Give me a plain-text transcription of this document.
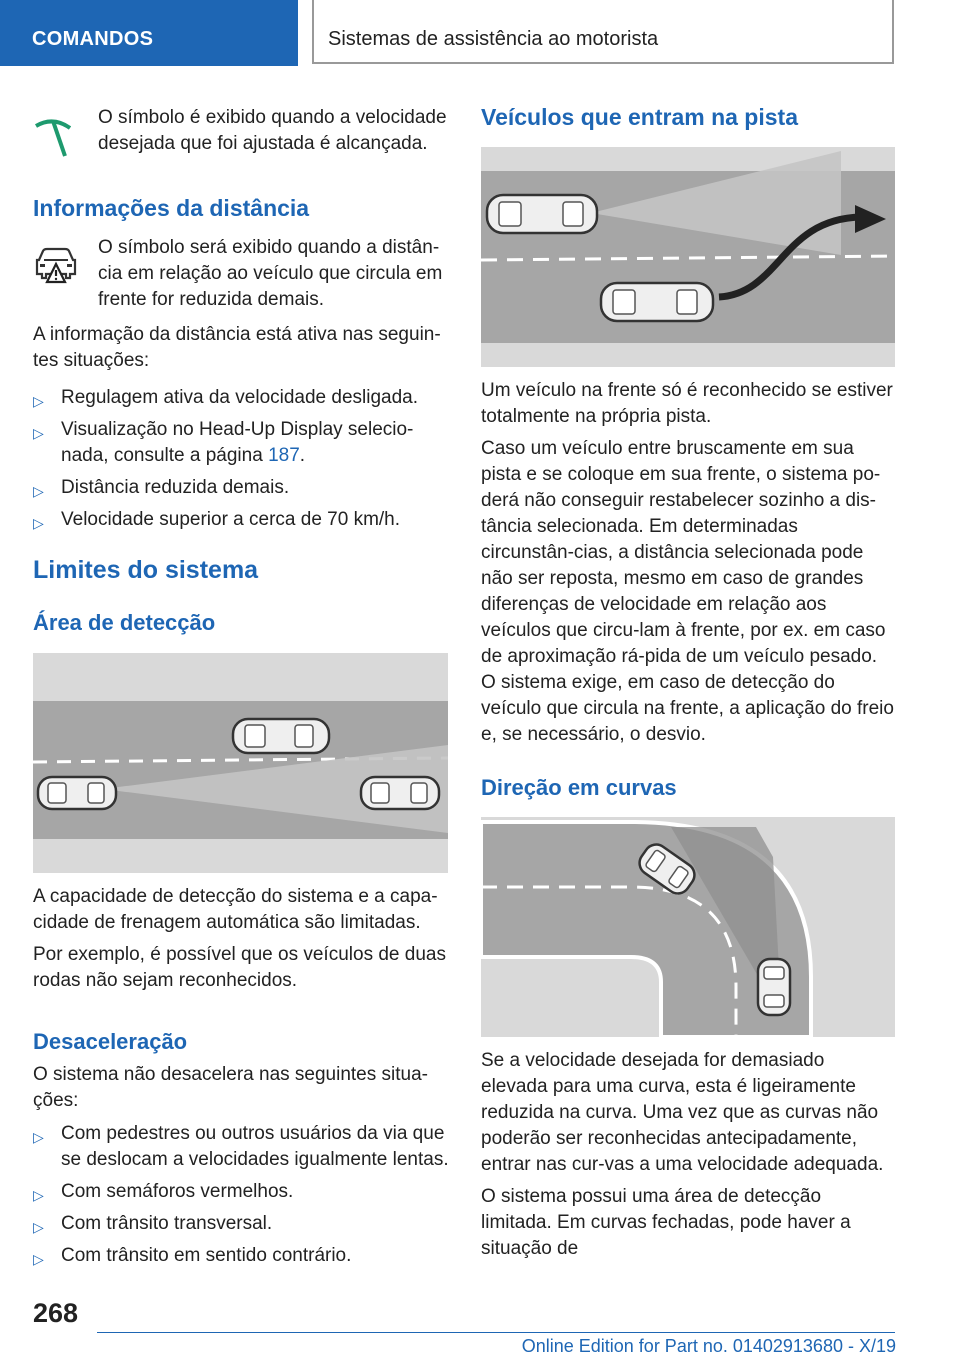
COMANDOS	Sistemas de assistência ao motorista

O símbolo é exibido quando a velocidade desejada que foi ajustada é alcançada.

Informações da distância

O símbolo será exibido quando a distân-cia em relação ao veículo que circula em frente for reduzida demais.

A informação da distância está ativa nas seguin-tes situações:

▷ Regulagem ativa da velocidade desligada.
▷ Visualização no Head-Up Display selecio-nada, consulte a página 187.
▷ Distância reduzida demais.
▷ Velocidade superior a cerca de 70 km/h.
Limites do sistema
Área de detecção

A capacidade de detecção do sistema e a capa-cidade de frenagem automática são limitadas.

Por exemplo, é possível que os veículos de duas rodas não sejam reconhecidos.

Desaceleração

O sistema não desacelera nas seguintes situa-ções:

▷ Com pedestres ou outros usuários da via que se deslocam a velocidades igualmente lentas.
▷ Com semáforos vermelhos.
▷ Com trânsito transversal.
▷ Com trânsito em sentido contrário.
Veículos que entram na pista

Um veículo na frente só é reconhecido se estiver totalmente na própria pista.

Caso um veículo entre bruscamente em sua pista e se coloque em sua frente, o sistema po-derá não conseguir restabelecer sozinho a dis-tância selecionada. Em determinadas circunstân-cias, a distância selecionada pode não ser reposta, mesmo em caso de grandes diferenças de velocidade em relação aos veículos que circu-lam à frente, por ex. em caso de aproximação rá-pida de um veículo pesado. O sistema exige, em caso de detecção do veículo que circula na frente, a aplicação do freio e, se necessário, o desvio.

Direção em curvas

Se a velocidade desejada for demasiado elevada para uma curva, esta é ligeiramente reduzida na curva. Uma vez que as curvas não poderão ser reconhecidas antecipadamente, entrar nas cur-vas a uma velocidade adequada.

O sistema possui uma área de detecção limitada. Em curvas fechadas, pode haver a situação de

268
Online Edition for Part no. 01402913680 - X/19
